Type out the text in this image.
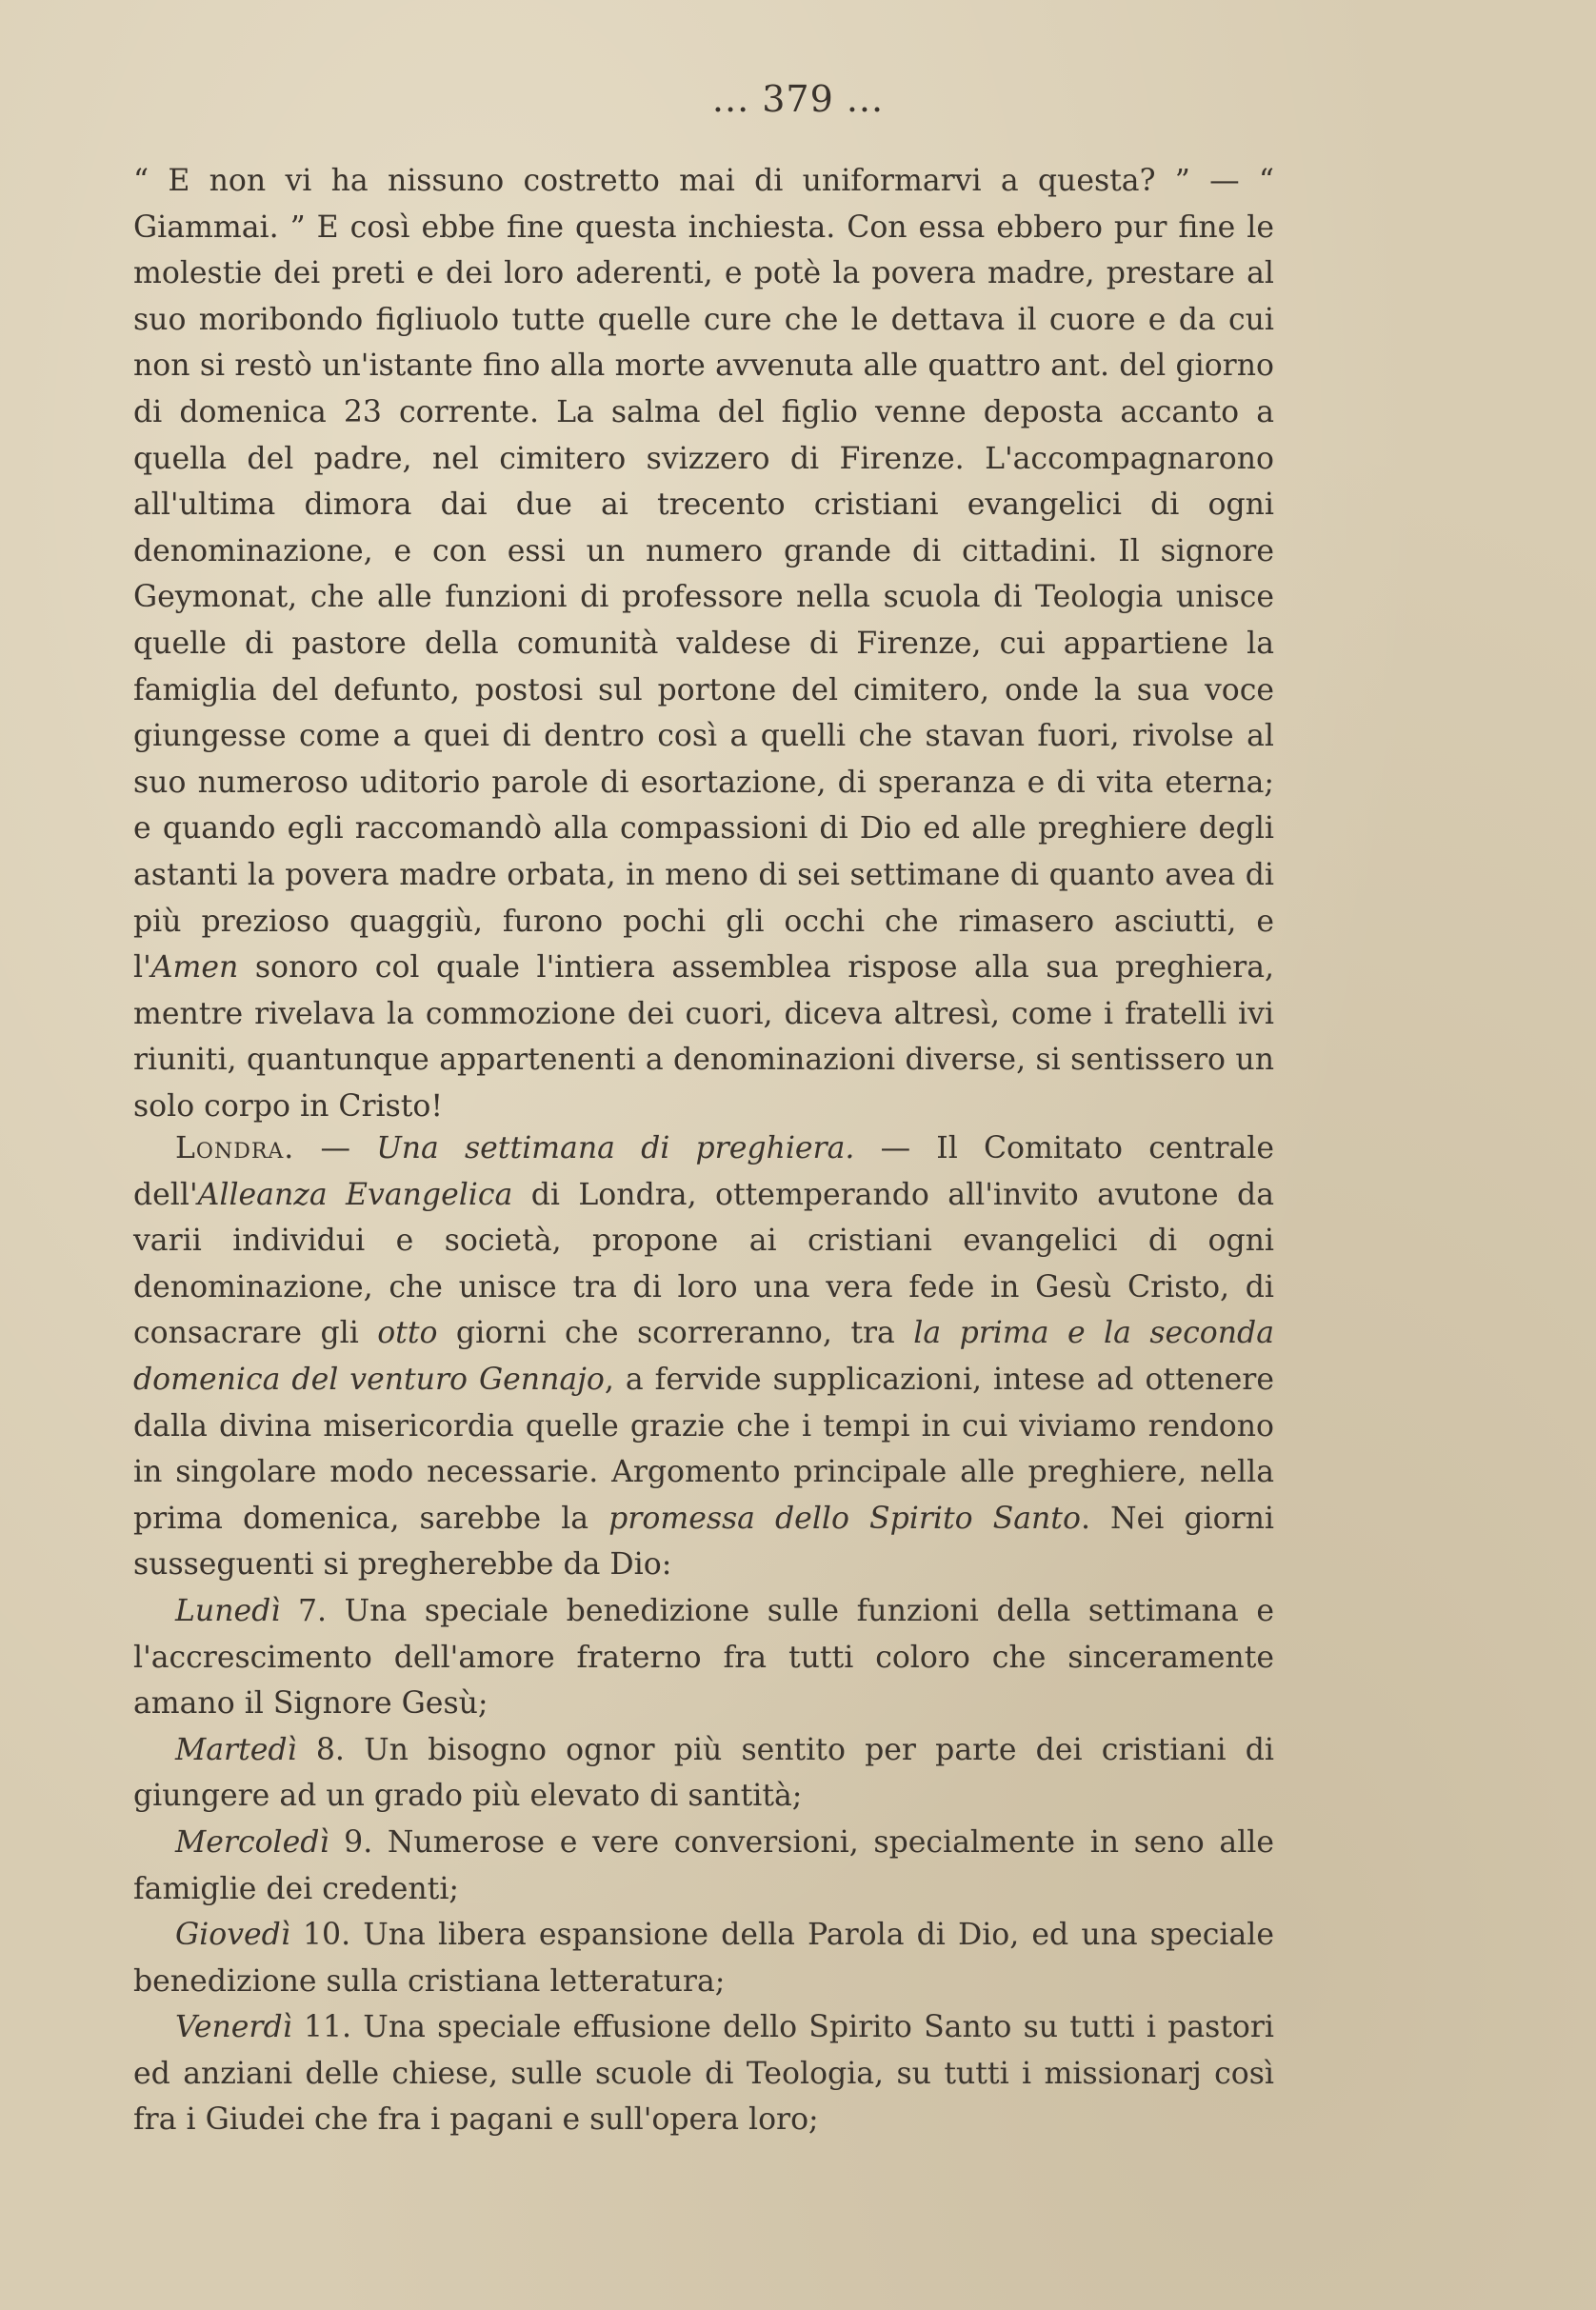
... 379 ...

“ E non vi ha nissuno costretto mai di uniformarvi a questa? ” — “ Giammai. ” E così ebbe fine questa inchiesta. Con essa ebbero pur fine le molestie dei preti e dei loro aderenti, e potè la povera madre, prestare al suo moribondo figliuolo tutte quelle cure che le dettava il cuore e da cui non si restò un'istante fino alla morte avvenuta alle quattro ant. del giorno di domenica 23 corrente. La salma del figlio venne deposta accanto a quella del padre, nel cimitero svizzero di Firenze. L'accompagnarono all'ultima dimora dai due ai trecento cristiani evangelici di ogni denominazione, e con essi un numero grande di cittadini. Il signore Geymonat, che alle funzioni di professore nella scuola di Teologia unisce quelle di pastore della comunità valdese di Firenze, cui appartiene la famiglia del defunto, postosi sul portone del cimitero, onde la sua voce giungesse come a quei di dentro così a quelli che stavan fuori, rivolse al suo numeroso uditorio parole di esortazione, di speranza e di vita eterna; e quando egli raccomandò alla compassioni di Dio ed alle preghiere degli astanti la povera madre orbata, in meno di sei settimane di quanto avea di più prezioso quaggiù, furono pochi gli occhi che rimasero asciutti, e l'Amen sonoro col quale l'intiera assemblea rispose alla sua preghiera, mentre rivelava la commozione dei cuori, diceva altresì, come i fratelli ivi riuniti, quantunque appartenenti a denominazioni diverse, si sentissero un solo corpo in Cristo!

Londra. — Una settimana di preghiera. — Il Comitato centrale dell'Alleanza Evangelica di Londra, ottemperando all'invito avutone da varii individui e società, propone ai cristiani evangelici di ogni denominazione, che unisce tra di loro una vera fede in Gesù Cristo, di consacrare gli otto giorni che scorreranno, tra la prima e la seconda domenica del venturo Gennajo, a fervide supplicazioni, intese ad ottenere dalla divina misericordia quelle grazie che i tempi in cui viviamo rendono in singolare modo necessarie. Argomento principale alle preghiere, nella prima domenica, sarebbe la promessa dello Spirito Santo. Nei giorni susseguenti si pregherebbe da Dio:

Lunedì 7. Una speciale benedizione sulle funzioni della settimana e l'accrescimento dell'amore fraterno fra tutti coloro che sinceramente amano il Signore Gesù;

Martedì 8. Un bisogno ognor più sentito per parte dei cristiani di giungere ad un grado più elevato di santità;

Mercoledì 9. Numerose e vere conversioni, specialmente in seno alle famiglie dei credenti;

Giovedì 10. Una libera espansione della Parola di Dio, ed una speciale benedizione sulla cristiana letteratura;

Venerdì 11. Una speciale effusione dello Spirito Santo su tutti i pastori ed anziani delle chiese, sulle scuole di Teologia, su tutti i missionarj così fra i Giudei che fra i pagani e sull'opera loro;
